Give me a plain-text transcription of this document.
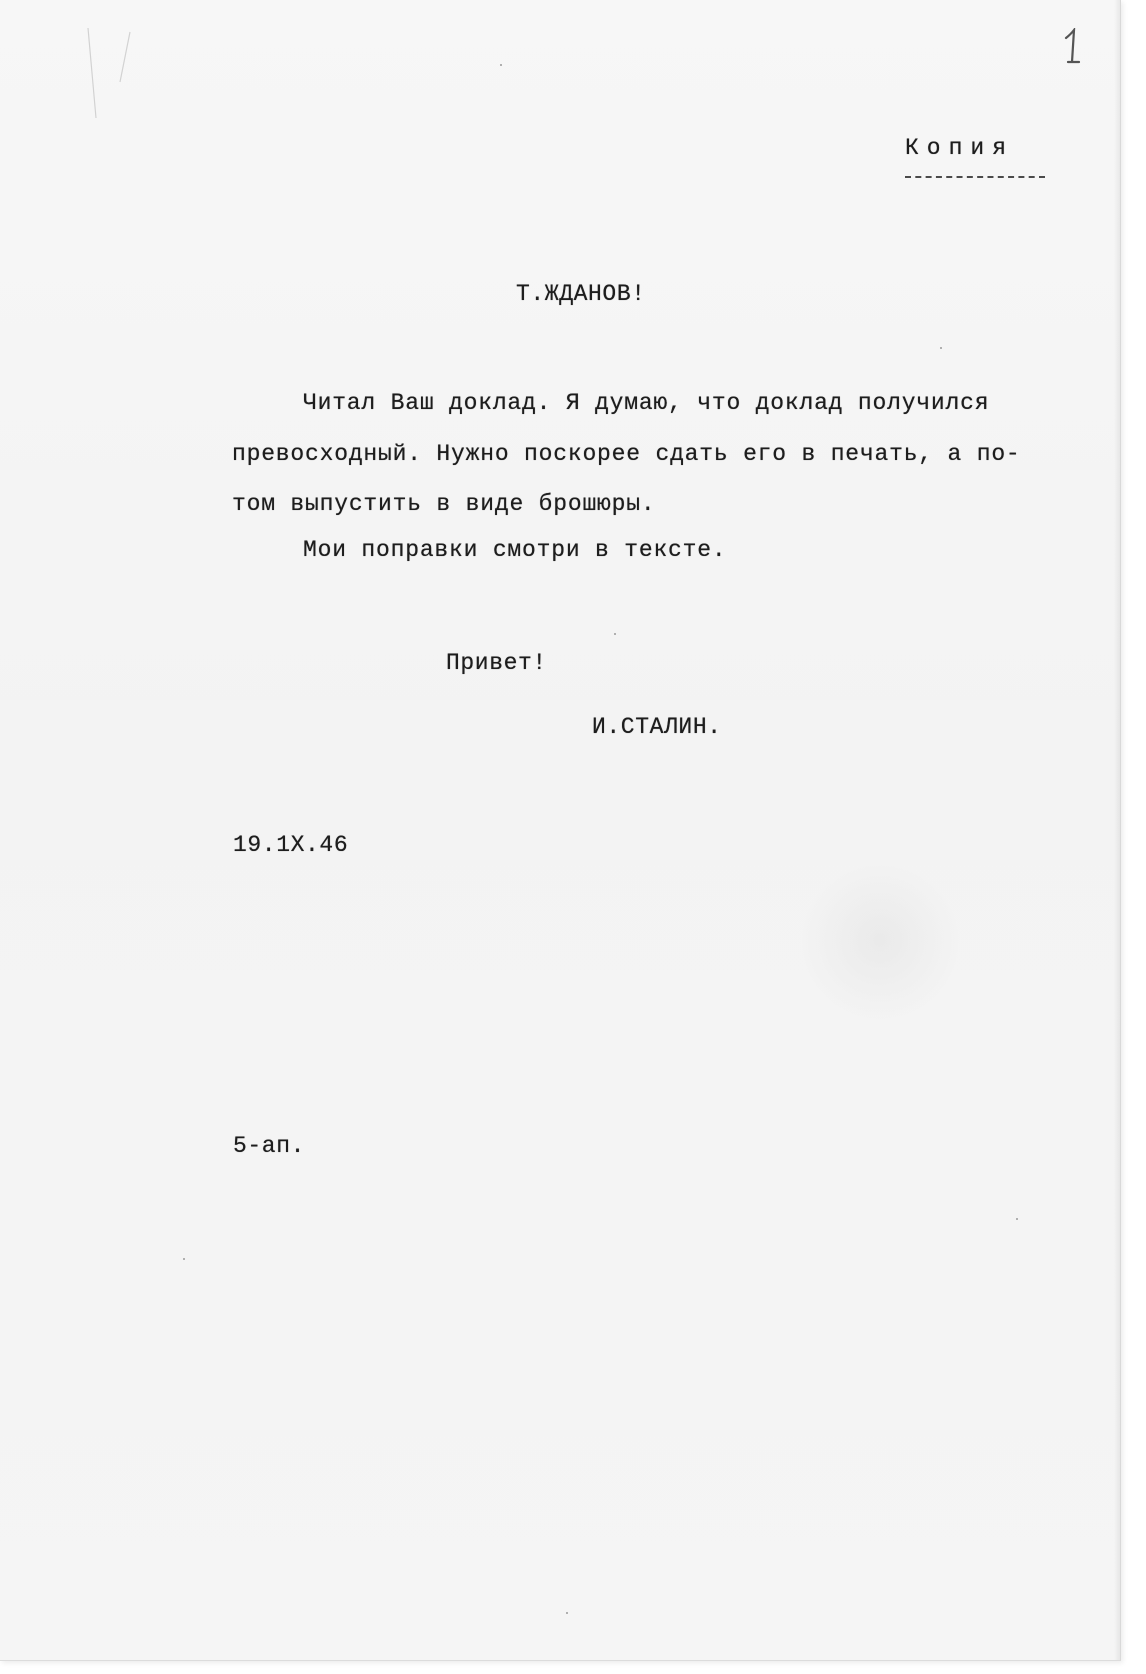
Копия
Т.ЖДАНОВ!
Читал Ваш доклад. Я думаю, что доклад получился
превосходный. Нужно поскорее сдать его в печать, а по-
том выпустить в виде брошюры.
Мои поправки смотри в тексте.
Привет!
И.СТАЛИН.
19.1X.46
5-ап.
